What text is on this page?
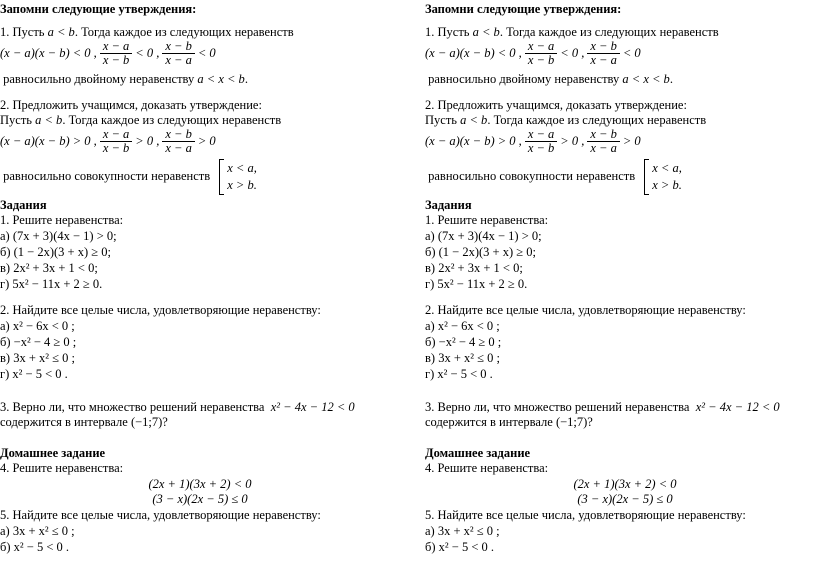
Запомни следующие утверждения:
1. Пусть a < b. Тогда каждое из следующих неравенств
(x − a)(x − b) < 0 , $\frac{x - a}{x - b} < 0$ , $\frac{x - b}{x - a} < 0$
равносильно двойному неравенству a < x < b.
2. Предложить учащимся, доказать утверждение:
Пусть a < b. Тогда каждое из следующих неравенств
(x − a)(x − b) > 0 , $\frac{x - a}{x - b} > 0$ , $\frac{x - b}{x - a} > 0$
равносильно совокупности неравенств
x < a,
x > b.
Задания
1. Решите неравенства:
а) (7x + 3)(4x − 1) > 0;
б) (1 − 2x)(3 + x) ≥ 0;
в) 2x² + 3x + 1 < 0;
г) 5x² − 11x + 2 ≥ 0.
2. Найдите все целые числа, удовлетворяющие неравенству:
а) x² − 6x < 0 ;
б) −x² − 4 ≥ 0 ;
в) 3x + x² ≤ 0 ;
г) x² − 5 < 0 .
3. Верно ли, что множество решений неравенства x² − 4x − 12 < 0
содержится в интервале (−1;7)?
Домашнее задание
4. Решите неравенства:
(2x + 1)(3x + 2) < 0
(3 − x)(2x − 5) ≤ 0
5. Найдите все целые числа, удовлетворяющие неравенству:
а) 3x + x² ≤ 0 ;
б) x² − 5 < 0 .
Запомни следующие утверждения:
1. Пусть a < b. Тогда каждое из следующих неравенств
(x − a)(x − b) < 0 , $\frac{x - a}{x - b} < 0$ , $\frac{x - b}{x - a} < 0$
равносильно двойному неравенству a < x < b.
2. Предложить учащимся, доказать утверждение:
Пусть a < b. Тогда каждое из следующих неравенств
(x − a)(x − b) > 0 , $\frac{x - a}{x - b} > 0$ , $\frac{x - b}{x - a} > 0$
равносильно совокупности неравенств
x < a,
x > b.
Задания
1. Решите неравенства:
а) (7x + 3)(4x − 1) > 0;
б) (1 − 2x)(3 + x) ≥ 0;
в) 2x² + 3x + 1 < 0;
г) 5x² − 11x + 2 ≥ 0.
2. Найдите все целые числа, удовлетворяющие неравенству:
а) x² − 6x < 0 ;
б) −x² − 4 ≥ 0 ;
в) 3x + x² ≤ 0 ;
г) x² − 5 < 0 .
3. Верно ли, что множество решений неравенства x² − 4x − 12 < 0
содержится в интервале (−1;7)?
Домашнее задание
4. Решите неравенства:
(2x + 1)(3x + 2) < 0
(3 − x)(2x − 5) ≤ 0
5. Найдите все целые числа, удовлетворяющие неравенству:
а) 3x + x² ≤ 0 ;
б) x² − 5 < 0 .
